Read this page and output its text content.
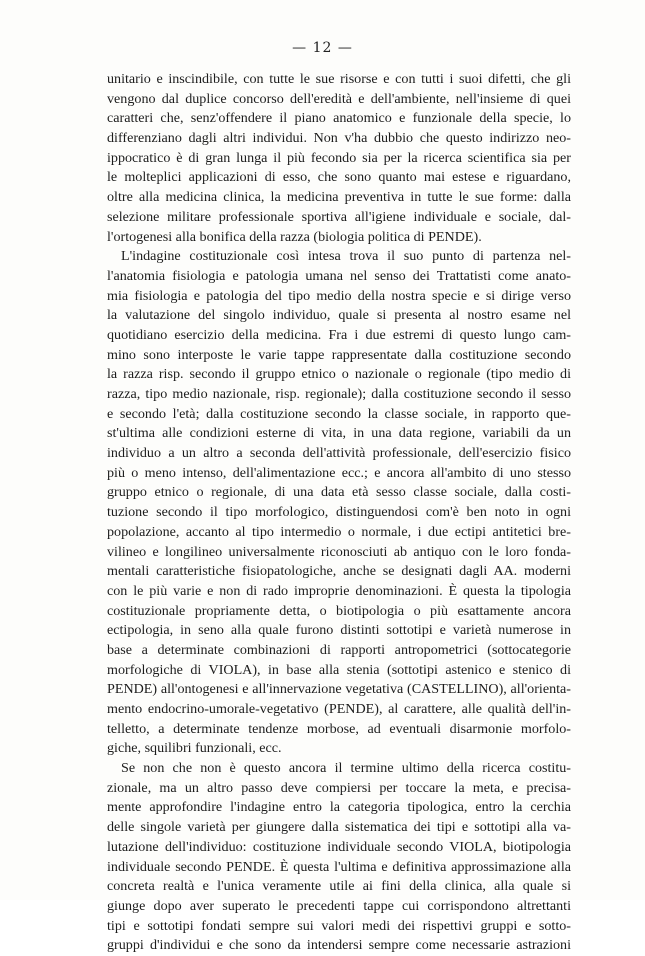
— 12 —
unitario e inscindibile, con tutte le sue risorse e con tutti i suoi difetti, che gli
vengono dal duplice concorso dell'eredità e dell'ambiente, nell'insieme di quei
caratteri che, senz'offendere il piano anatomico e funzionale della specie, lo
differenziano dagli altri individui. Non v'ha dubbio che questo indirizzo neo-
ippocratico è di gran lunga il più fecondo sia per la ricerca scientifica sia per
le molteplici applicazioni di esso, che sono quanto mai estese e riguardano,
oltre alla medicina clinica, la medicina preventiva in tutte le sue forme: dalla
selezione militare professionale sportiva all'igiene individuale e sociale, dal-
l'ortogenesi alla bonifica della razza (biologia politica di PENDE).
L'indagine costituzionale così intesa trova il suo punto di partenza nel-
l'anatomia fisiologia e patologia umana nel senso dei Trattatisti come anato-
mia fisiologia e patologia del tipo medio della nostra specie e si dirige verso
la valutazione del singolo individuo, quale si presenta al nostro esame nel
quotidiano esercizio della medicina. Fra i due estremi di questo lungo cam-
mino sono interposte le varie tappe rappresentate dalla costituzione secondo
la razza risp. secondo il gruppo etnico o nazionale o regionale (tipo medio di
razza, tipo medio nazionale, risp. regionale); dalla costituzione secondo il sesso
e secondo l'età; dalla costituzione secondo la classe sociale, in rapporto que-
st'ultima alle condizioni esterne di vita, in una data regione, variabili da un
individuo a un altro a seconda dell'attività professionale, dell'esercizio fisico
più o meno intenso, dell'alimentazione ecc.; e ancora all'ambito di uno stesso
gruppo etnico o regionale, di una data età sesso classe sociale, dalla costi-
tuzione secondo il tipo morfologico, distinguendosi com'è ben noto in ogni
popolazione, accanto al tipo intermedio o normale, i due ectipi antitetici bre-
vilineo e longilineo universalmente riconosciuti ab antiquo con le loro fonda-
mentali caratteristiche fisiopatologiche, anche se designati dagli AA. moderni
con le più varie e non di rado improprie denominazioni. È questa la tipologia
costituzionale propriamente detta, o biotipologia o più esattamente ancora
ectipologia, in seno alla quale furono distinti sottotipi e varietà numerose in
base a determinate combinazioni di rapporti antropometrici (sottocategorie
morfologiche di VIOLA), in base alla stenia (sottotipi astenico e stenico di
PENDE) all'ontogenesi e all'innervazione vegetativa (CASTELLINO), all'orienta-
mento endocrino-umorale-vegetativo (PENDE), al carattere, alle qualità dell'in-
telletto, a determinate tendenze morbose, ad eventuali disarmonie morfolo-
giche, squilibri funzionali, ecc.
Se non che non è questo ancora il termine ultimo della ricerca costitu-
zionale, ma un altro passo deve compiersi per toccare la meta, e precisa-
mente approfondire l'indagine entro la categoria tipologica, entro la cerchia
delle singole varietà per giungere dalla sistematica dei tipi e sottotipi alla va-
lutazione dell'individuo: costituzione individuale secondo VIOLA, biotipologia
individuale secondo PENDE. È questa l'ultima e definitiva approssimazione alla
concreta realtà e l'unica veramente utile ai fini della clinica, alla quale si
giunge dopo aver superato le precedenti tappe cui corrispondono altrettanti
tipi e sottotipi fondati sempre sui valori medi dei rispettivi gruppi e sotto-
gruppi d'individui e che sono da intendersi sempre come necessarie astrazioni
